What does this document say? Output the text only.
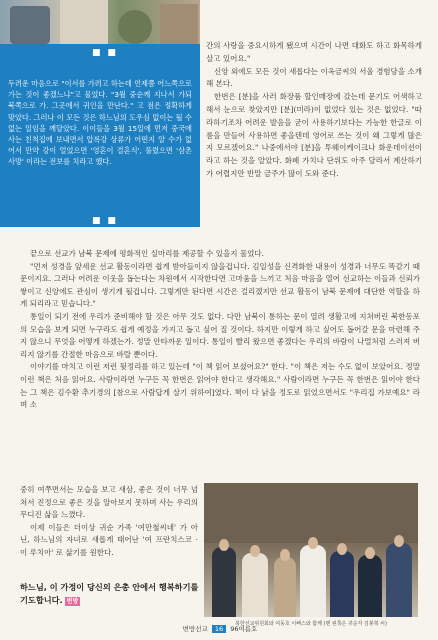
■ ■
두려운 마음으로 "이서를 가려고 하는데 언제쯤 어느쪽으로 가는 것이 좋겠느냐"고 물었다. "3월 중순께 지나서 가되 북쪽으로 가. 그곳에서 귀인을 만난다." 고 점은 정확하게 맞았다. 그러나 이 모든 것은 하느님의 도우심 없이는 될 수 없는 일임을 깨달았다. 이이들을 3월 15일에 먼저 중국에 사는 친척집에 보내면서 압록강 상류가 어떤지 알 수가 없어서 만약 강이 얼었으면 '영혼이 결혼식', 풀렸으면 '삼촌 사망' 이라는 전보를 치라고 했다.
■ ■

간의 사랑을 중요시하게 됐으며 시간이 나면 대화도 하고 화목하게 살고 있어요."

신앙 외에도 모든 것이 새롭다는 이옥금씨의 서울 경험담을 소개해 본다.

한번은 [분]을 사러 화장품 할인매장에 갔는데 문기도 어색하고 해서 눈으로 찾았지만 [분](미라)이 없었다 있는 것은 없었다. "따라하기조차 어려운 발음을 굳이 사용하기보다는 가능한 한글로 이름을 만들어 사용하면 좋을텐데 영어로 쓰는 것이 왜 그렇게 많은지 모르겠어요." 나중에서야 [분]을 투웨이케이크나 화운데이션이라고 하는 것을 알았다. 화폐 가치나 단위도 아주 달라서 계산하기가 어렵지만 반말 금주가 많이 도와 준다.

끝으로 선교가 남북 문제에 평화적인 실마리를 제공할 수 있을지 물었다.

"먼저 성경을 앞세운 선교 활동이라면 쉽게 받아들이지 않을겁니다. 김일성을 신격화한 내용이 성경과 너무도 똑같기 때문이지요. 그러나 어려운 이웃을 돕는다는 차원에서 시작한다면 고마움을 느끼고 처음 마음을 열어 선교하는 이들과 신뢰가 쌓이고 신앙에도 관심이 생기게 될겁니다. 그렇게만 된다면 시간은 걸리겠지만 선교 활동이 남북 문제에 대단한 역할을 하게 되리라고 믿습니다."

통일이 되기 전에 우리가 준비해야 할 것은 아무 것도 없다. 다만 남북이 통하는 문이 열려 생활고에 지쳐버린 북한동포의 모습을 보게 되면 누구라도 쉽게 예정을 가지고 돕고 싶어 질 것이다. 하지만 이렇게 하고 싶어도 돕어갈 문을 마련해 주지 않으니 무엇을 어떻게 하겠는가. 정말 안타까운 일이다. 통일이 빨리 왔으면 좋겠다는 우리의 바람이 나멀처럼 스러져 버리지 않기를 간절한 마음으로 바랄 뿐이다.

이야기를 마치고 이런 저런 뒷정리를 하고 있는데 "이 책 읽어 보셨어요?" 한다. "이 책은 저는 수도 없이 보았어요. 정말 이런 책은 처음 읽어요. 사람이라면 누구든 꼭 한번은 읽어야 한다고 생각해요." 사람이라면 누구든 꼭 한번은 읽어야 한다는 그 책은 김수환 추기경의 [참으로 사람답게 살기 위하여]였다. 책이 다 낡을 정도로 읽었으면서도 "우리집 가보예요" 라며 소

중히 여쭈면서는 모습을 보고 새삼, 좋은 것이 너무 넘쳐서 진정으로 좋은 것을 알아보지 못하며 사는 우리의 무디진 삶을 느꼈다.

이제 이들은 더이상 귀순 가족 '여만철씨네' 가 아닌, 하느님의 자녀로 새롭게 태어난 '여 프란치스코 · 이 루치아' 로 삶기를 원한다.

하느님, 이 가정이 당신의 은총 안에서 행복하기를 기도합니다. 변방
북한선교위원회와 여동호 이뻐스와 함께 (맨 왼쪽은 귀순자 김봉혁 씨)
변방선교 16 96여름호
